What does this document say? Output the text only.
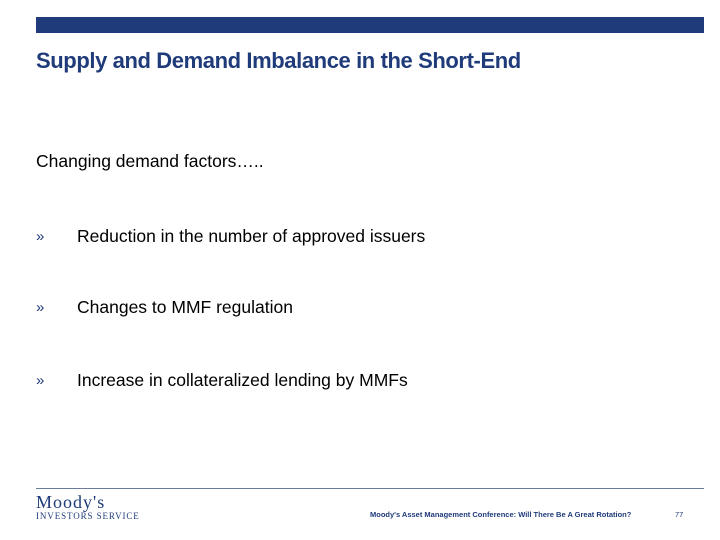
Supply and Demand Imbalance in the Short-End
Changing demand factors…..
» Reduction in the number of approved issuers
» Changes to MMF regulation
» Increase in collateralized lending by MMFs
Moody's
INVESTORS SERVICE	Moody's Asset Management Conference: Will There Be A Great Rotation?	77
